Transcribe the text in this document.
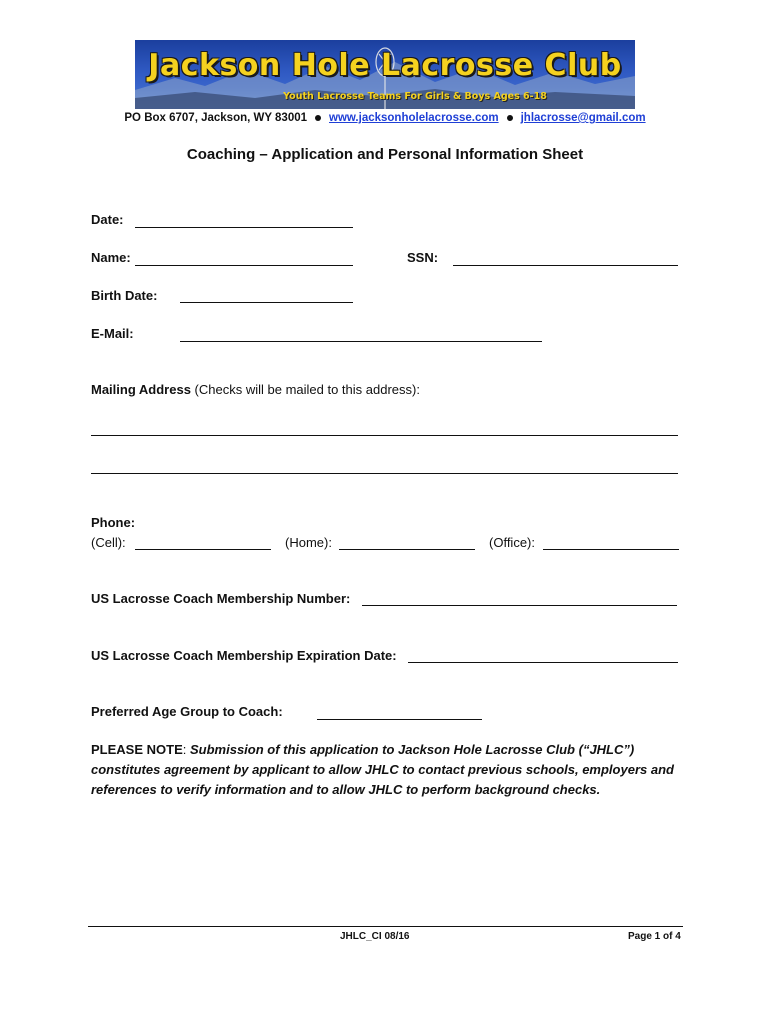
Jackson Hole Lacrosse Club
Youth Lacrosse Teams For Girls & Boys Ages 6-18
PO Box 6707, Jackson, WY 83001 www.jacksonholelacrosse.com jhlacrosse@gmail.com
Coaching – Application and Personal Information Sheet
Date:
Name:	SSN:
Birth Date:
E-Mail:
Mailing Address (Checks will be mailed to this address):
Phone:
(Cell):	(Home):	(Office):
US Lacrosse Coach Membership Number:
US Lacrosse Coach Membership Expiration Date:
Preferred Age Group to Coach:
PLEASE NOTE: Submission of this application to Jackson Hole Lacrosse Club (“JHLC”) constitutes agreement by applicant to allow JHLC to contact previous schools, employers and references to verify information and to allow JHLC to perform background checks.
JHLC_CI 08/16	Page 1 of 4
